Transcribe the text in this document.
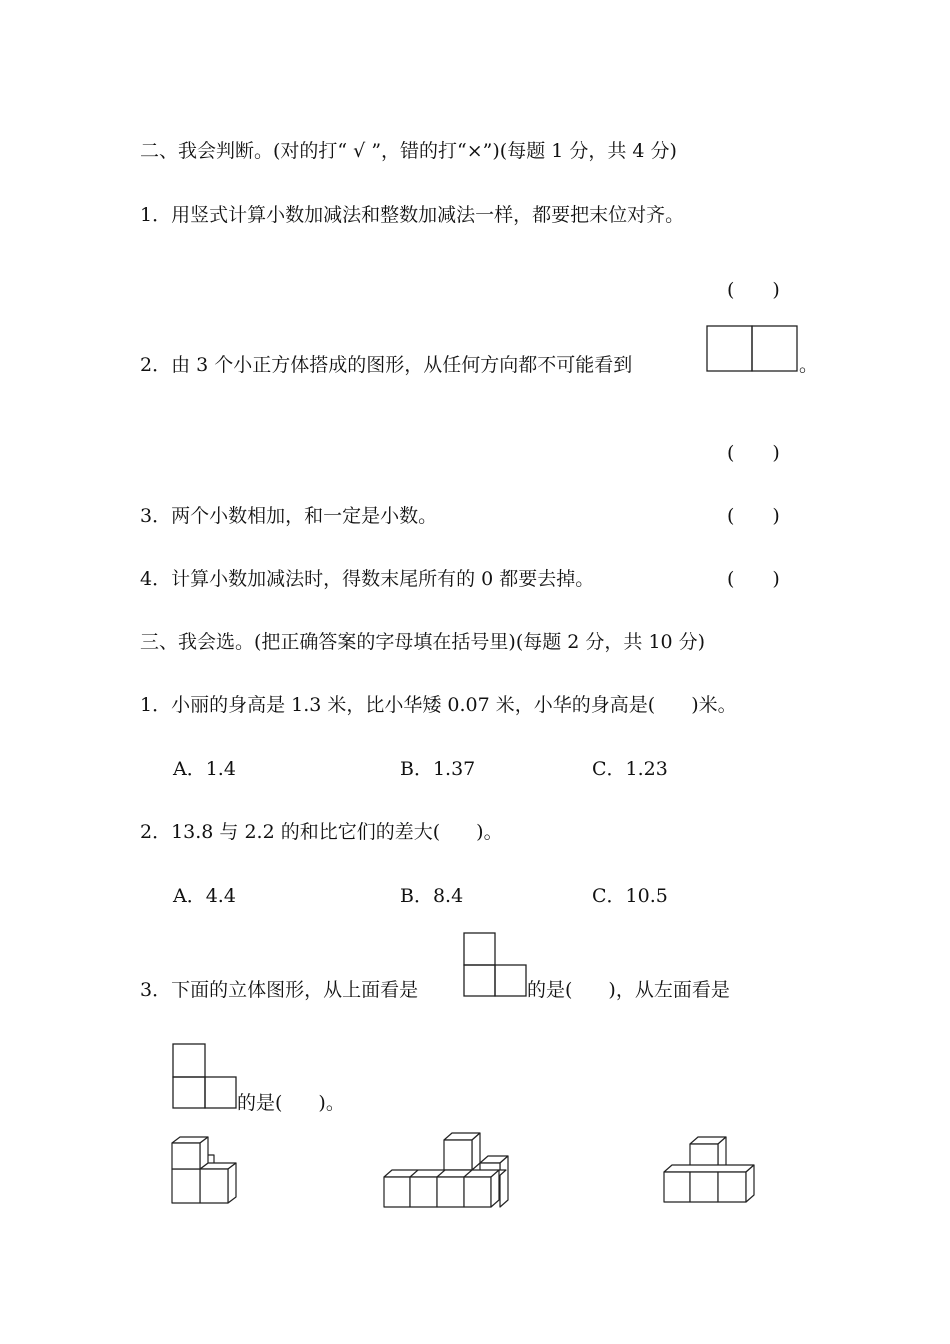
二、我会判断。(对的打“ √ ”，错的打“×”)(每题 1 分，共 4 分)
1．用竖式计算小数加减法和整数加减法一样，都要把末位对齐。
( )
2．由 3 个小正方体搭成的图形，从任何方向都不可能看到	。
( )
3．两个小数相加，和一定是小数。	( )
4．计算小数加减法时，得数末尾所有的 0 都要去掉。	( )
三、我会选。(把正确答案的字母填在括号里)(每题 2 分，共 10 分)
1．小丽的身高是 1.3 米，比小华矮 0.07 米，小华的身高是( )米。
A．1.4	B．1.37	C．1.23
2．13.8 与 2.2 的和比它们的差大( )。
A．4.4	B．8.4	C．10.5
3．下面的立体图形，从上面看是	的是( )，从左面看是
的是( )。
